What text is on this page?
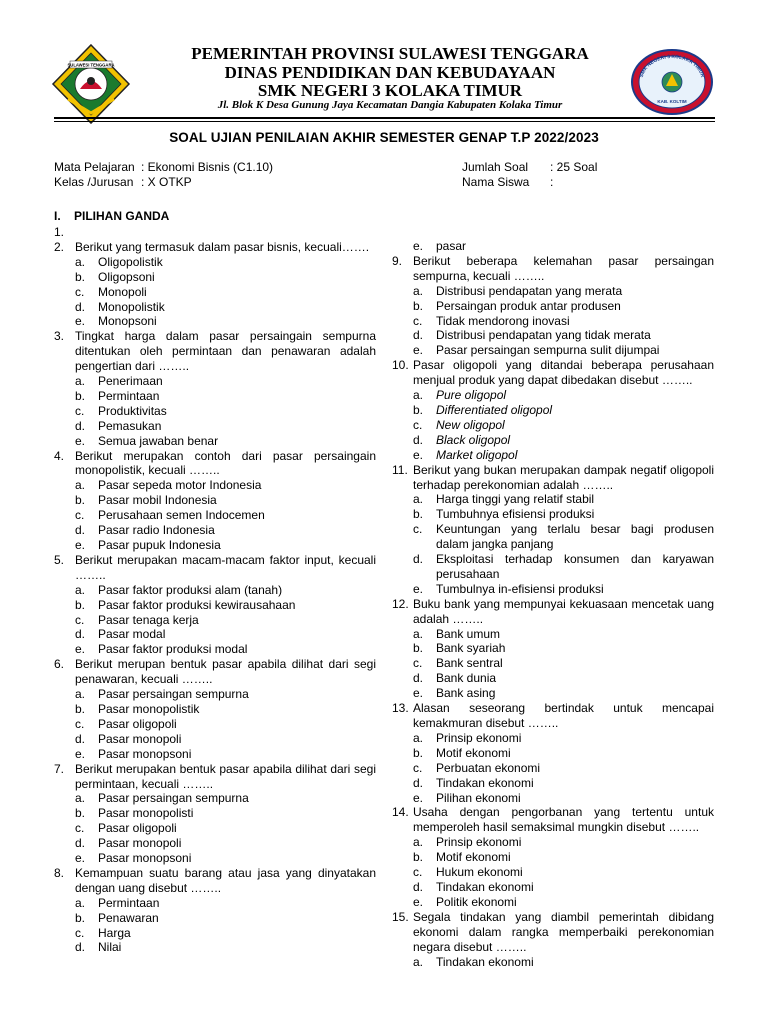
SULAWESI TENGGARA
PEMERINTAH PROVINSI SULAWESI TENGGARA
DINAS PENDIDIKAN DAN KEBUDAYAAN
SMK NEGERI 3 KOLAKA TIMUR
Jl. Blok K Desa Gunung Jaya Kecamatan Dangia Kabupaten Kolaka Timur
SMK NEGERI 3 KOLAKA TIMUR
KAB. KOLTIM
SOAL UJIAN PENILAIAN AKHIR SEMESTER GENAP T.P 2022/2023
Mata Pelajaran : Ekonomi Bisnis (C1.10)
Kelas /Jurusan : X OTKP
Jumlah Soal : 25 Soal
Nama Siswa :
I. PILIHAN GANDA
1.
2. Berikut yang termasuk dalam pasar bisnis, kecuali…….
a.	Oligopolistik
b.	Oligopsoni
c.	Monopoli
d.	Monopolistik
e.	Monopsoni
3. Tingkat harga dalam pasar persaingain sempurna ditentukan oleh permintaan dan penawaran adalah pengertian dari ……..
a.	Penerimaan
b.	Permintaan
c.	Produktivitas
d.	Pemasukan
e.	Semua jawaban benar
4. Berikut merupakan contoh dari pasar persaingain monopolistik, kecuali ……..
a.	Pasar sepeda motor Indonesia
b.	Pasar mobil Indonesia
c.	Perusahaan semen Indocemen
d.	Pasar radio Indonesia
e.	Pasar pupuk Indonesia
5. Berikut merupakan macam-macam faktor input, kecuali ……..
a.	Pasar faktor produksi alam (tanah)
b.	Pasar faktor produksi kewirausahaan
c.	Pasar tenaga kerja
d.	Pasar modal
e.	Pasar faktor produksi modal
6. Berikut merupan bentuk pasar apabila dilihat dari segi penawaran, kecuali ……..
a.	Pasar persaingan sempurna
b.	Pasar monopolistik
c.	Pasar oligopoli
d.	Pasar monopoli
e.	Pasar monopsoni
7. Berikut merupakan bentuk pasar apabila dilihat dari segi permintaan, kecuali ……..
a.	Pasar persaingan sempurna
b.	Pasar monopolisti
c.	Pasar oligopoli
d.	Pasar monopoli
e.	Pasar monopsoni
8. Kemampuan suatu barang atau jasa yang dinyatakan dengan uang disebut ……..
a.	Permintaan
b.	Penawaran
c.	Harga
d.	Nilai
e.	pasar
9. Berikut beberapa kelemahan pasar persaingan sempurna, kecuali ……..
a.	Distribusi pendapatan yang merata
b.	Persaingan produk antar produsen
c.	Tidak mendorong inovasi
d.	Distribusi pendapatan yang tidak merata
e.	Pasar persaingan sempurna sulit dijumpai
10. Pasar oligopoli yang ditandai beberapa perusahaan menjual produk yang dapat dibedakan disebut ……..
a.	Pure oligopol
b.	Differentiated oligopol
c.	New oligopol
d.	Black oligopol
e.	Market oligopol
11. Berikut yang bukan merupakan dampak negatif oligopoli terhadap perekonomian adalah ……..
a.	Harga tinggi yang relatif stabil
b.	Tumbuhnya efisiensi produksi
c.	Keuntungan yang terlalu besar bagi produsen dalam jangka panjang
d.	Eksploitasi terhadap konsumen dan karyawan perusahaan
e.	Tumbulnya in-efisiensi produksi
12. Buku bank yang mempunyai kekuasaan mencetak uang adalah ……..
a.	Bank umum
b.	Bank syariah
c.	Bank sentral
d.	Bank dunia
e.	Bank asing
13. Alasan seseorang bertindak untuk mencapai kemakmuran disebut ……..
a.	Prinsip ekonomi
b.	Motif ekonomi
c.	Perbuatan ekonomi
d.	Tindakan ekonomi
e.	Pilihan ekonomi
14. Usaha dengan pengorbanan yang tertentu untuk memperoleh hasil semaksimal mungkin disebut ……..
a.	Prinsip ekonomi
b.	Motif ekonomi
c.	Hukum ekonomi
d.	Tindakan ekonomi
e.	Politik ekonomi
15. Segala tindakan yang diambil pemerintah dibidang ekonomi dalam rangka memperbaiki perekonomian negara disebut ……..
a.	Tindakan ekonomi
